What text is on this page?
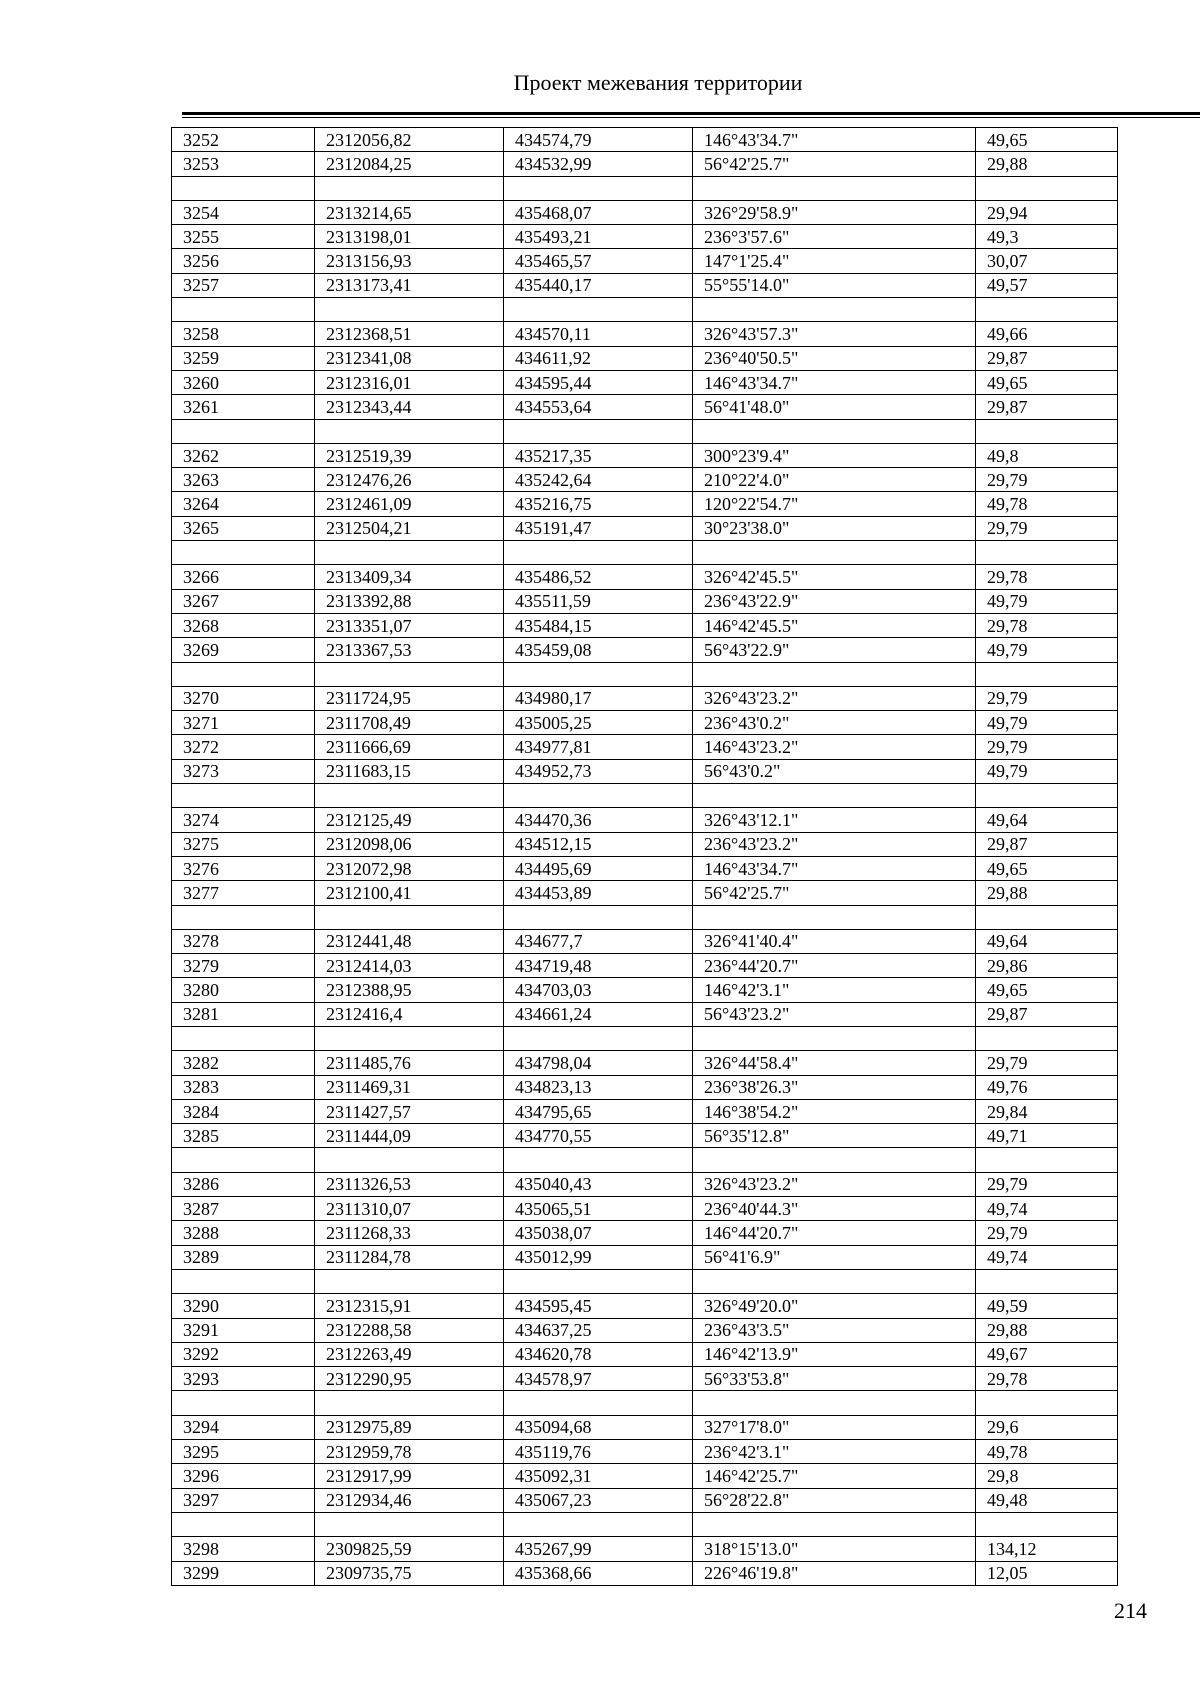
Проект межевания территории
3252	2312056,82	434574,79	146°43'34.7"	49,65
3253	2312084,25	434532,99	56°42'25.7"	29,88

3254	2313214,65	435468,07	326°29'58.9"	29,94
3255	2313198,01	435493,21	236°3'57.6"	49,3
3256	2313156,93	435465,57	147°1'25.4"	30,07
3257	2313173,41	435440,17	55°55'14.0"	49,57

3258	2312368,51	434570,11	326°43'57.3"	49,66
3259	2312341,08	434611,92	236°40'50.5"	29,87
3260	2312316,01	434595,44	146°43'34.7"	49,65
3261	2312343,44	434553,64	56°41'48.0"	29,87

3262	2312519,39	435217,35	300°23'9.4"	49,8
3263	2312476,26	435242,64	210°22'4.0"	29,79
3264	2312461,09	435216,75	120°22'54.7"	49,78
3265	2312504,21	435191,47	30°23'38.0"	29,79

3266	2313409,34	435486,52	326°42'45.5"	29,78
3267	2313392,88	435511,59	236°43'22.9"	49,79
3268	2313351,07	435484,15	146°42'45.5"	29,78
3269	2313367,53	435459,08	56°43'22.9"	49,79

3270	2311724,95	434980,17	326°43'23.2"	29,79
3271	2311708,49	435005,25	236°43'0.2"	49,79
3272	2311666,69	434977,81	146°43'23.2"	29,79
3273	2311683,15	434952,73	56°43'0.2"	49,79

3274	2312125,49	434470,36	326°43'12.1"	49,64
3275	2312098,06	434512,15	236°43'23.2"	29,87
3276	2312072,98	434495,69	146°43'34.7"	49,65
3277	2312100,41	434453,89	56°42'25.7"	29,88

3278	2312441,48	434677,7	326°41'40.4"	49,64
3279	2312414,03	434719,48	236°44'20.7"	29,86
3280	2312388,95	434703,03	146°42'3.1"	49,65
3281	2312416,4	434661,24	56°43'23.2"	29,87

3282	2311485,76	434798,04	326°44'58.4"	29,79
3283	2311469,31	434823,13	236°38'26.3"	49,76
3284	2311427,57	434795,65	146°38'54.2"	29,84
3285	2311444,09	434770,55	56°35'12.8"	49,71

3286	2311326,53	435040,43	326°43'23.2"	29,79
3287	2311310,07	435065,51	236°40'44.3"	49,74
3288	2311268,33	435038,07	146°44'20.7"	29,79
3289	2311284,78	435012,99	56°41'6.9"	49,74

3290	2312315,91	434595,45	326°49'20.0"	49,59
3291	2312288,58	434637,25	236°43'3.5"	29,88
3292	2312263,49	434620,78	146°42'13.9"	49,67
3293	2312290,95	434578,97	56°33'53.8"	29,78

3294	2312975,89	435094,68	327°17'8.0"	29,6
3295	2312959,78	435119,76	236°42'3.1"	49,78
3296	2312917,99	435092,31	146°42'25.7"	29,8
3297	2312934,46	435067,23	56°28'22.8"	49,48

3298	2309825,59	435267,99	318°15'13.0"	134,12
3299	2309735,75	435368,66	226°46'19.8"	12,05
214
